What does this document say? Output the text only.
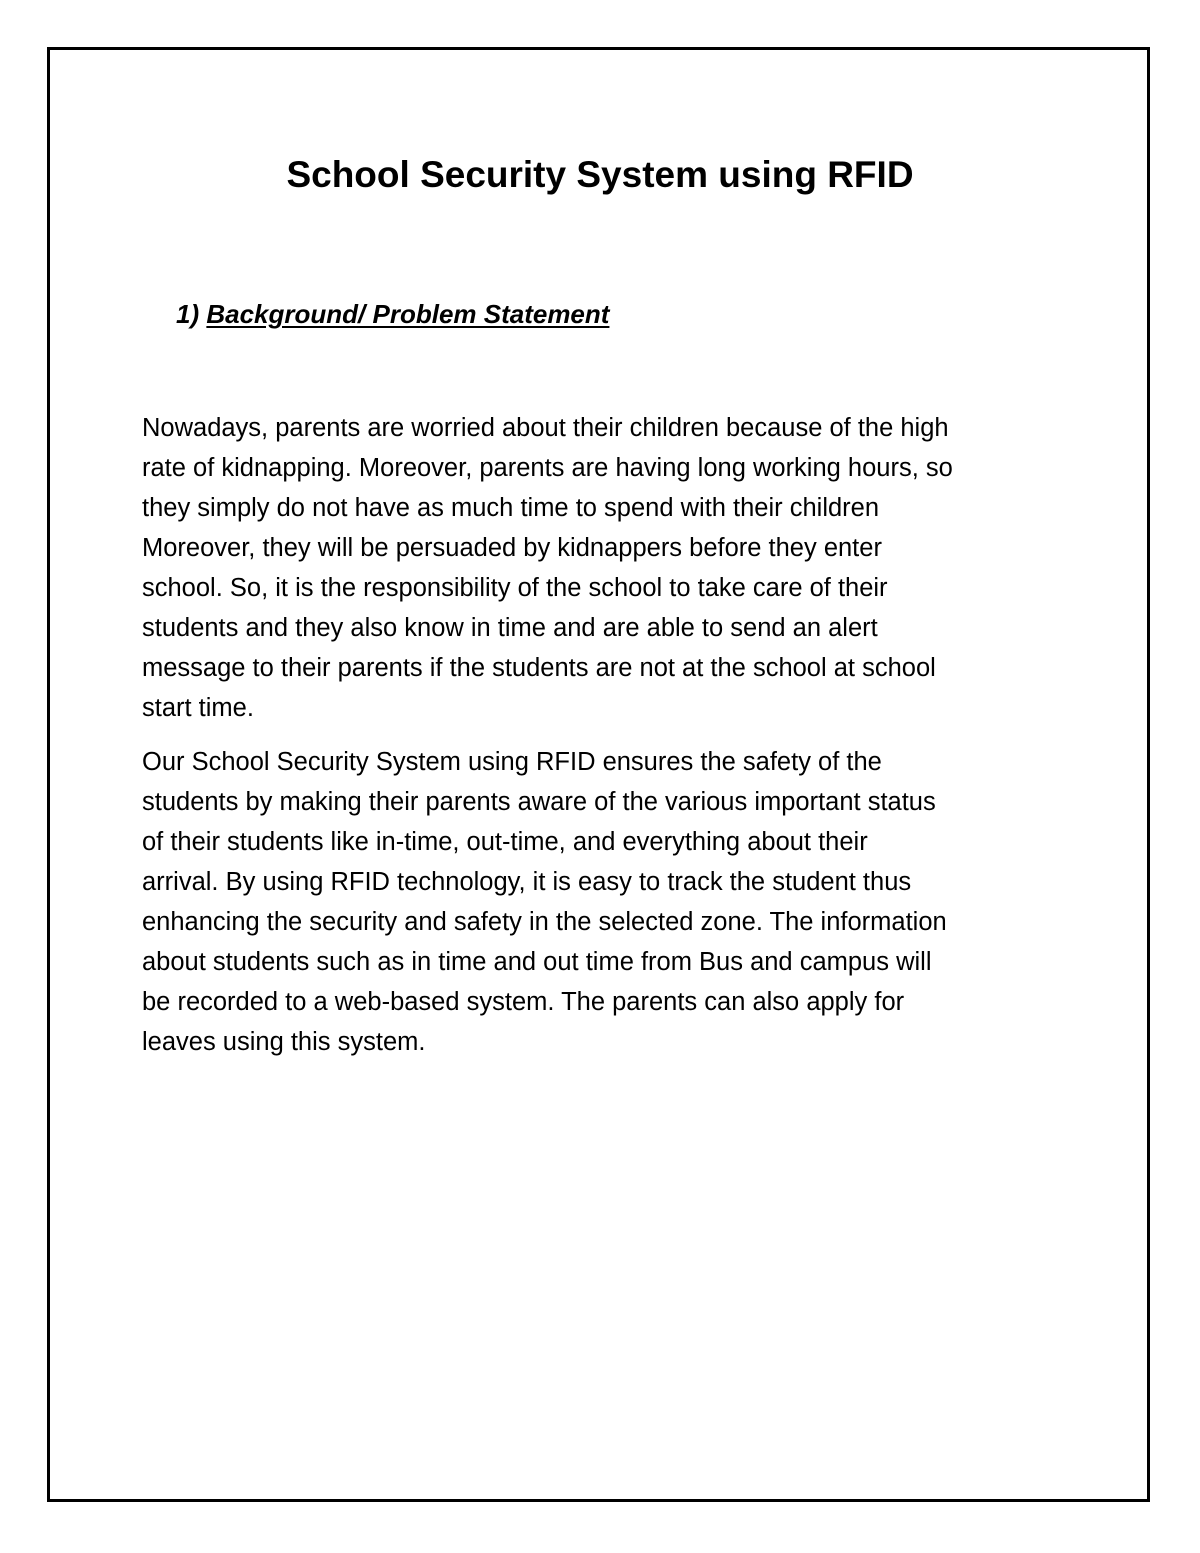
School Security System using RFID
1) Background/ Problem Statement

Nowadays, parents are worried about their children because of the high
rate of kidnapping. Moreover, parents are having long working hours, so
they simply do not have as much time to spend with their children
Moreover, they will be persuaded by kidnappers before they enter
school. So, it is the responsibility of the school to take care of their
students and they also know in time and are able to send an alert
message to their parents if the students are not at the school at school
start time.

Our School Security System using RFID ensures the safety of the
students by making their parents aware of the various important status
of their students like in-time, out-time, and everything about their
arrival. By using RFID technology, it is easy to track the student thus
enhancing the security and safety in the selected zone. The information
about students such as in time and out time from Bus and campus will
be recorded to a web-based system. The parents can also apply for
leaves using this system.
